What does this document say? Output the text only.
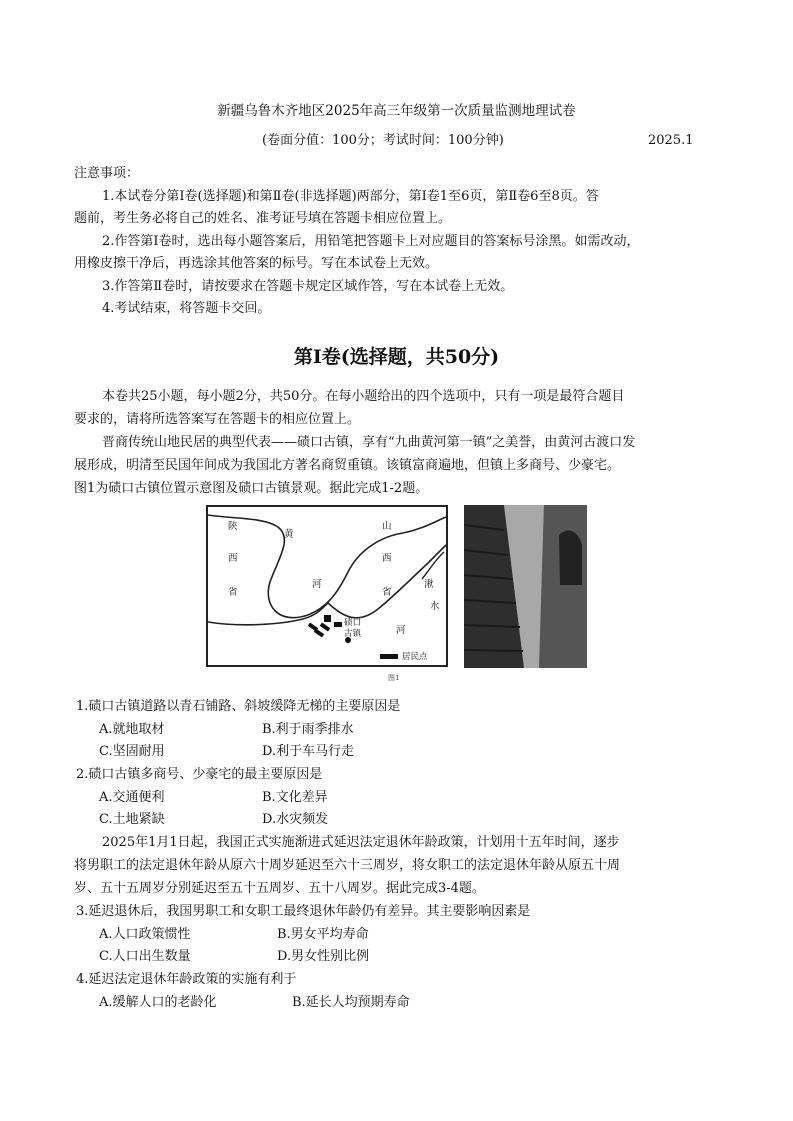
新疆乌鲁木齐地区2025年高三年级第一次质量监测地理试卷
(卷面分值：100分；考试时间：100分钟)	2025.1
注意事项：
1.本试卷分第Ⅰ卷(选择题)和第Ⅱ卷(非选择题)两部分，第Ⅰ卷1至6页，第Ⅱ卷6至8页。答
题前，考生务必将自己的姓名、准考证号填在答题卡相应位置上。
2.作答第Ⅰ卷时，选出每小题答案后，用铅笔把答题卡上对应题目的答案标号涂黑。如需改动，
用橡皮擦干净后，再选涂其他答案的标号。写在本试卷上无效。
3.作答第Ⅱ卷时，请按要求在答题卡规定区域作答，写在本试卷上无效。
4.考试结束，将答题卡交回。
第Ⅰ卷(选择题，共50分)
本卷共25小题，每小题2分，共50分。在每小题给出的四个选项中，只有一项是最符合题目
要求的，请将所选答案写在答题卡的相应位置上。
晋商传统山地民居的典型代表——碛口古镇，享有“九曲黄河第一镇”之美誉，由黄河古渡口发
展形成，明清至民国年间成为我国北方著名商贸重镇。该镇富商遍地，但镇上多商号、少豪宅。
图1为碛口古镇位置示意图及碛口古镇景观。据此完成1-2题。
陕
西
省
黄
河
山
西
省
湫
水
河
碛口
古镇
居民点
图1
1.碛口古镇道路以青石铺路、斜坡缓降无梯的主要原因是
A.就地取材	B.利于雨季排水
C.坚固耐用	D.利于车马行走
2.碛口古镇多商号、少豪宅的最主要原因是
A.交通便利	B.文化差异
C.土地紧缺	D.水灾频发
2025年1月1日起，我国正式实施渐进式延迟法定退休年龄政策，计划用十五年时间，逐步
将男职工的法定退休年龄从原六十周岁延迟至六十三周岁，将女职工的法定退休年龄从原五十周
岁、五十五周岁分别延迟至五十五周岁、五十八周岁。据此完成3-4题。
3.延迟退休后，我国男职工和女职工最终退休年龄仍有差异。其主要影响因素是
A.人口政策惯性	B.男女平均寿命
C.人口出生数量	D.男女性别比例
4.延迟法定退休年龄政策的实施有利于
A.缓解人口的老龄化	B.延长人均预期寿命
